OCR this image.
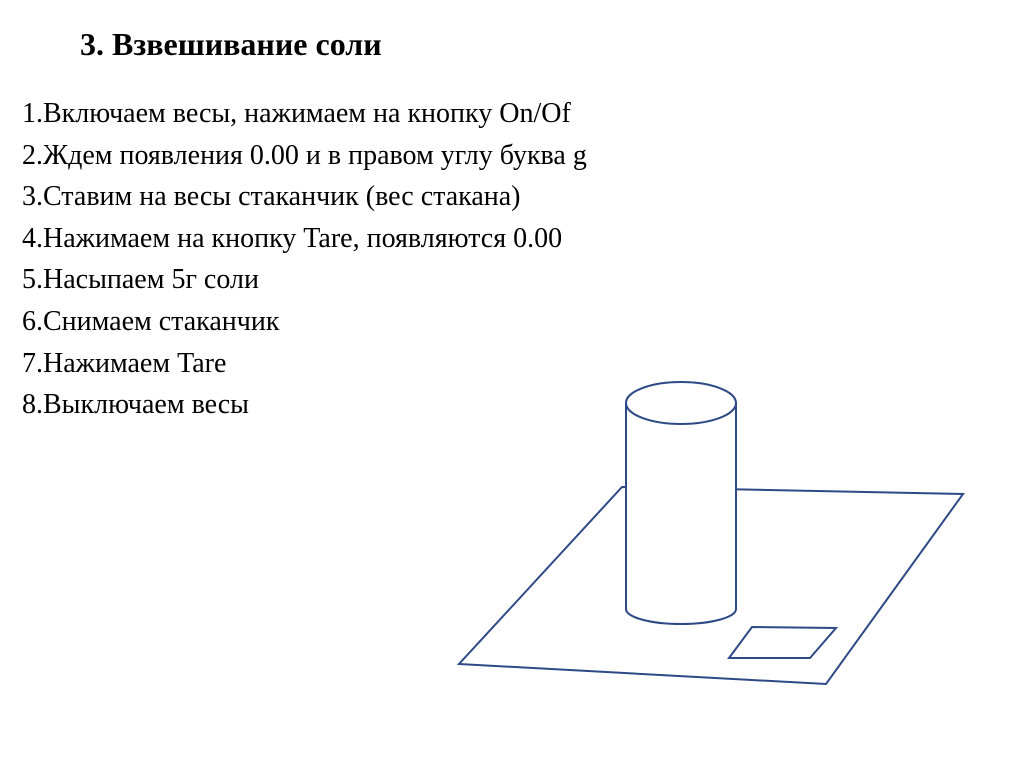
3. Взвешивание соли
1.Включаем весы, нажимаем на кнопку On/Of
2.Ждем появления 0.00 и в правом углу буква g
3.Ставим на весы стаканчик (вес стакана)
4.Нажимаем на кнопку Tare, появляются 0.00
5.Насыпаем 5г соли
6.Снимаем стаканчик
7.Нажимаем Tare
8.Выключаем весы
